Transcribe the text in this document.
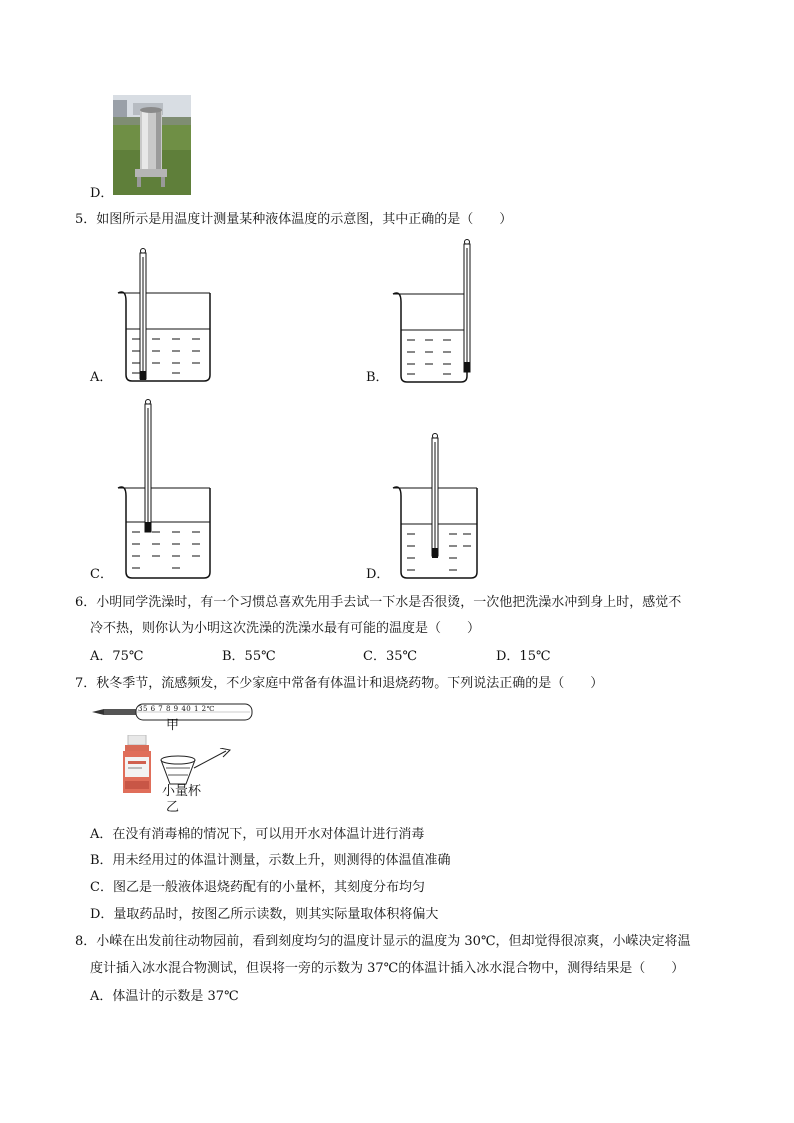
D．
5．如图所示是用温度计测量某种液体温度的示意图，其中正确的是（　　）
A．	B．
C．	D．
6．小明同学洗澡时，有一个习惯总喜欢先用手去试一下水是否很烫，一次他把洗澡水冲到身上时，感觉不
冷不热，则你认为小明这次洗澡的洗澡水最有可能的温度是（　　）
A．75℃	B．55℃	C．35℃	D．15℃
7．秋冬季节，流感频发，不少家庭中常备有体温计和退烧药物。下列说法正确的是（　　）
35 6 7 8 9 40 1 2℃
甲
小量杯
乙
A．在没有消毒棉的情况下，可以用开水对体温计进行消毒
B．用未经用过的体温计测量，示数上升，则测得的体温值准确
C．图乙是一般液体退烧药配有的小量杯，其刻度分布均匀
D．量取药品时，按图乙所示读数，则其实际量取体积将偏大
8．小嵘在出发前往动物园前，看到刻度均匀的温度计显示的温度为 30℃，但却觉得很凉爽，小嵘决定将温
度计插入冰水混合物测试，但误将一旁的示数为 37℃的体温计插入冰水混合物中，测得结果是（　　）
A．体温计的示数是 37℃
